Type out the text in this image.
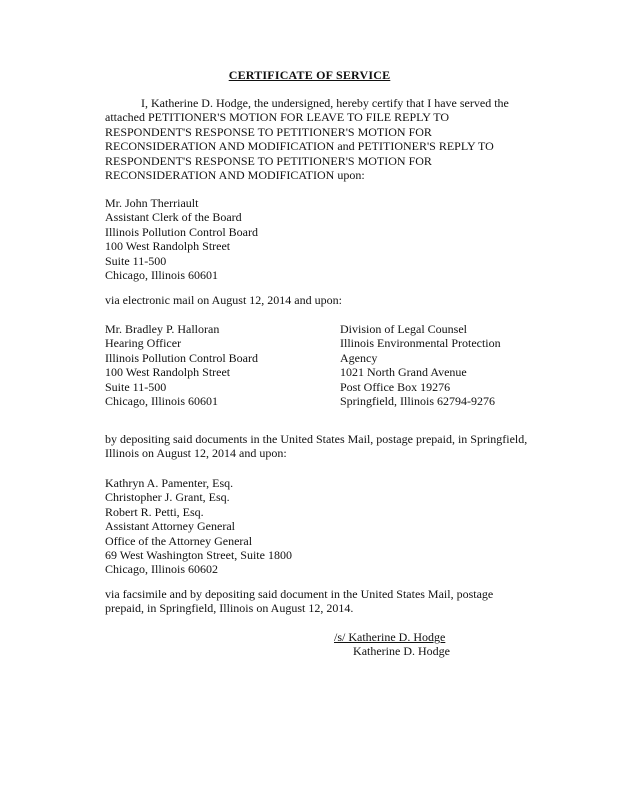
CERTIFICATE OF SERVICE
I, Katherine D. Hodge, the undersigned, hereby certify that I have served the attached PETITIONER'S MOTION FOR LEAVE TO FILE REPLY TO RESPONDENT'S RESPONSE TO PETITIONER'S MOTION FOR RECONSIDERATION AND MODIFICATION and PETITIONER'S REPLY TO RESPONDENT'S RESPONSE TO PETITIONER'S MOTION FOR RECONSIDERATION AND MODIFICATION upon:
Mr. John Therriault
Assistant Clerk of the Board
Illinois Pollution Control Board
100 West Randolph Street
Suite 11-500
Chicago, Illinois 60601
via electronic mail on August 12, 2014 and upon:
Mr. Bradley P. Halloran
Hearing Officer
Illinois Pollution Control Board
100 West Randolph Street
Suite 11-500
Chicago, Illinois 60601
Division of Legal Counsel
Illinois Environmental Protection
Agency
1021 North Grand Avenue
Post Office Box 19276
Springfield, Illinois 62794-9276
by depositing said documents in the United States Mail, postage prepaid, in Springfield, Illinois on August 12, 2014 and upon:
Kathryn A. Pamenter, Esq.
Christopher J. Grant, Esq.
Robert R. Petti, Esq.
Assistant Attorney General
Office of the Attorney General
69 West Washington Street, Suite 1800
Chicago, Illinois 60602
via facsimile and by depositing said document in the United States Mail, postage prepaid, in Springfield, Illinois on August 12, 2014.
/s/ Katherine D. Hodge
Katherine D. Hodge
